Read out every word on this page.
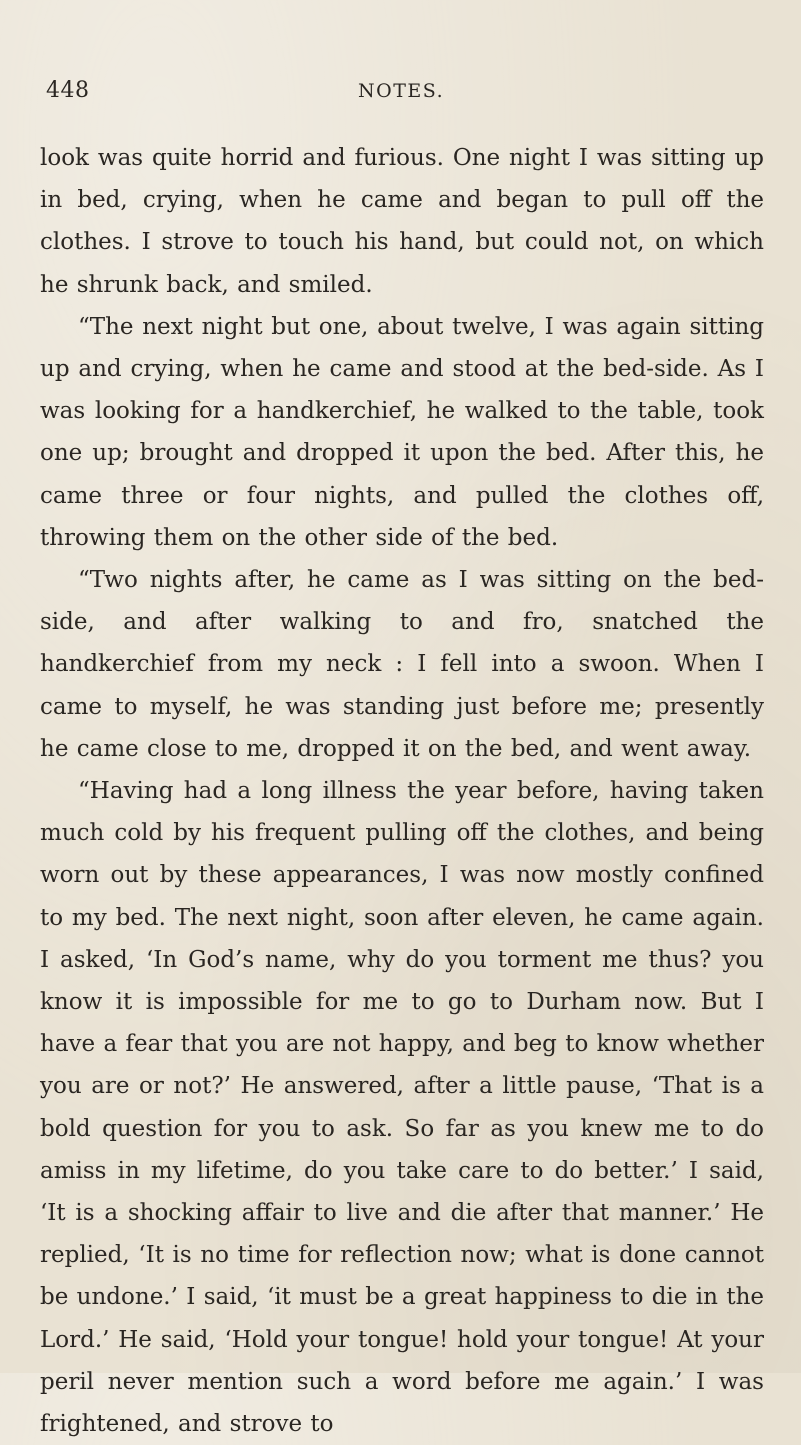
448	NOTES.

look was quite horrid and furious. One night I was sitting up in bed, crying, when he came and began to pull off the clothes. I strove to touch his hand, but could not, on which he shrunk back, and smiled.

“The next night but one, about twelve, I was again sitting up and crying, when he came and stood at the bed-side. As I was looking for a handkerchief, he walked to the table, took one up; brought and dropped it upon the bed. After this, he came three or four nights, and pulled the clothes off, throwing them on the other side of the bed.

“Two nights after, he came as I was sitting on the bed-side, and after walking to and fro, snatched the handkerchief from my neck : I fell into a swoon. When I came to myself, he was standing just before me; presently he came close to me, dropped it on the bed, and went away.

“Having had a long illness the year before, having taken much cold by his frequent pulling off the clothes, and being worn out by these appearances, I was now mostly confined to my bed. The next night, soon after eleven, he came again. I asked, ‘In God’s name, why do you torment me thus? you know it is impossible for me to go to Durham now. But I have a fear that you are not happy, and beg to know whether you are or not?’ He answered, after a little pause, ‘That is a bold question for you to ask. So far as you knew me to do amiss in my lifetime, do you take care to do better.’ I said, ‘It is a shocking affair to live and die after that manner.’ He replied, ‘It is no time for reflection now; what is done cannot be undone.’ I said, ‘it must be a great happiness to die in the Lord.’ He said, ‘Hold your tongue! hold your tongue! At your peril never mention such a word before me again.’ I was frightened, and strove to
